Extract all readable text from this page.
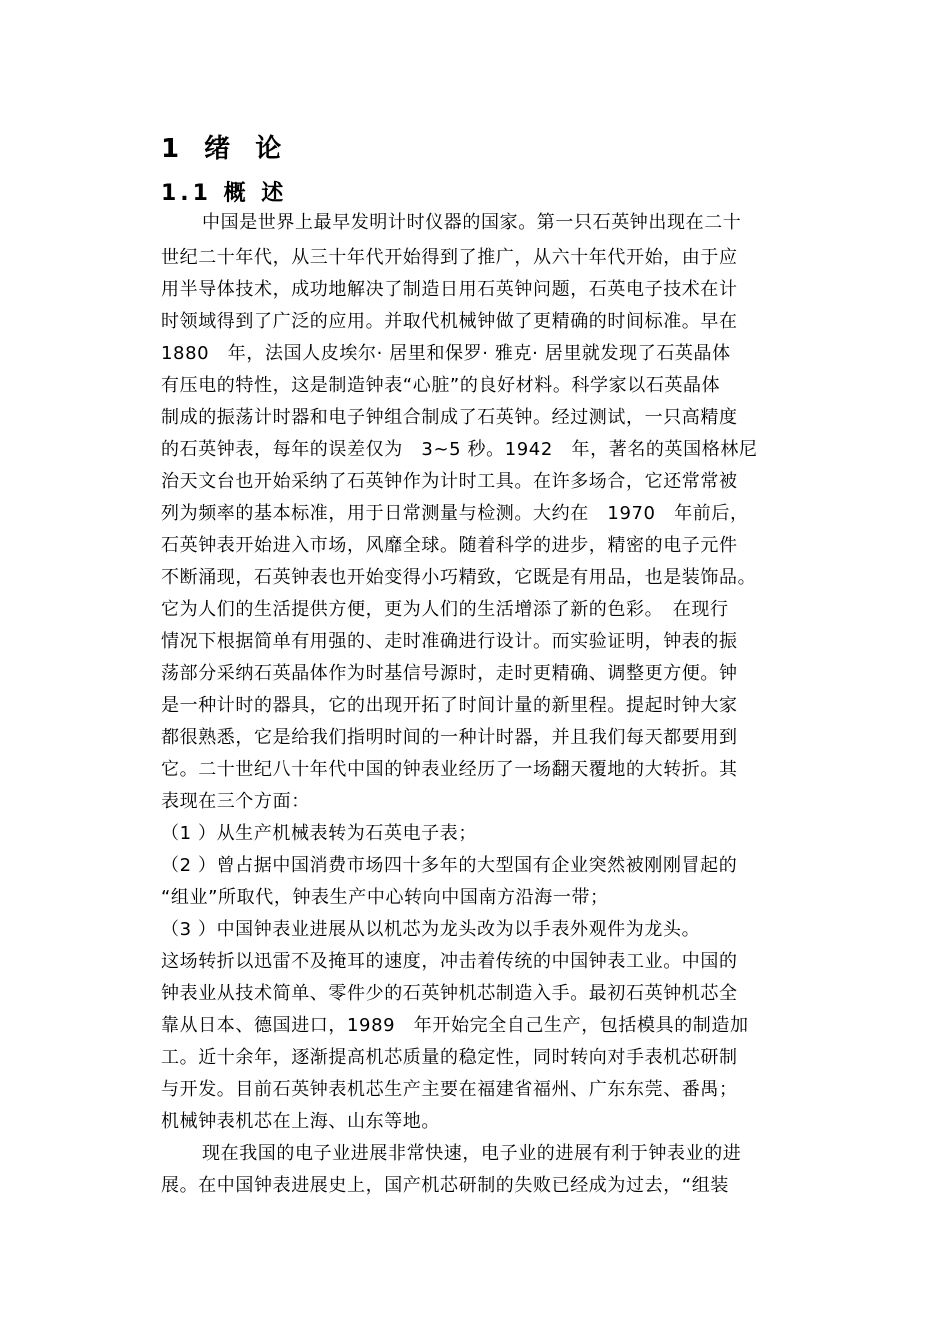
1 绪 论
1.1 概 述
中国是世界上最早发明计时仪器的国家。第一只石英钟出现在二十
世纪二十年代，从三十年代开始得到了推广，从六十年代开始，由于应
用半导体技术，成功地解决了制造日用石英钟问题，石英电子技术在计
时领域得到了广泛的应用。并取代机械钟做了更精确的时间标准。早在
1880　年，法国人皮埃尔· 居里和保罗· 雅克· 居里就发现了石英晶体
有压电的特性，这是制造钟表“心脏”的良好材料。科学家以石英晶体
制成的振荡计时器和电子钟组合制成了石英钟。经过测试，一只高精度
的石英钟表，每年的误差仅为　3~5 秒。1942　年，著名的英国格林尼
治天文台也开始采纳了石英钟作为计时工具。在许多场合，它还常常被
列为频率的基本标准，用于日常测量与检测。大约在　1970　年前后，
石英钟表开始进入市场，风靡全球。随着科学的进步，精密的电子元件
不断涌现，石英钟表也开始变得小巧精致，它既是有用品，也是装饰品。
它为人们的生活提供方便，更为人们的生活增添了新的色彩。　在现行
情况下根据简单有用强的、走时准确进行设计。而实验证明，钟表的振
荡部分采纳石英晶体作为时基信号源时，走时更精确、调整更方便。钟
是一种计时的器具，它的出现开拓了时间计量的新里程。提起时钟大家
都很熟悉，它是给我们指明时间的一种计时器，并且我们每天都要用到
它。二十世纪八十年代中国的钟表业经历了一场翻天覆地的大转折。其
表现在三个方面：
（1 ）从生产机械表转为石英电子表；
（2 ）曾占据中国消费市场四十多年的大型国有企业突然被刚刚冒起的
“组业”所取代，钟表生产中心转向中国南方沿海一带；
（3 ）中国钟表业进展从以机芯为龙头改为以手表外观件为龙头。
这场转折以迅雷不及掩耳的速度，冲击着传统的中国钟表工业。中国的
钟表业从技术简单、零件少的石英钟机芯制造入手。最初石英钟机芯全
靠从日本、德国进口，1989　年开始完全自己生产，包括模具的制造加
工。近十余年，逐渐提高机芯质量的稳定性，同时转向对手表机芯研制
与开发。目前石英钟表机芯生产主要在福建省福州、广东东莞、番禺；
机械钟表机芯在上海、山东等地。
现在我国的电子业进展非常快速，电子业的进展有利于钟表业的进
展。在中国钟表进展史上，国产机芯研制的失败已经成为过去，“组装
